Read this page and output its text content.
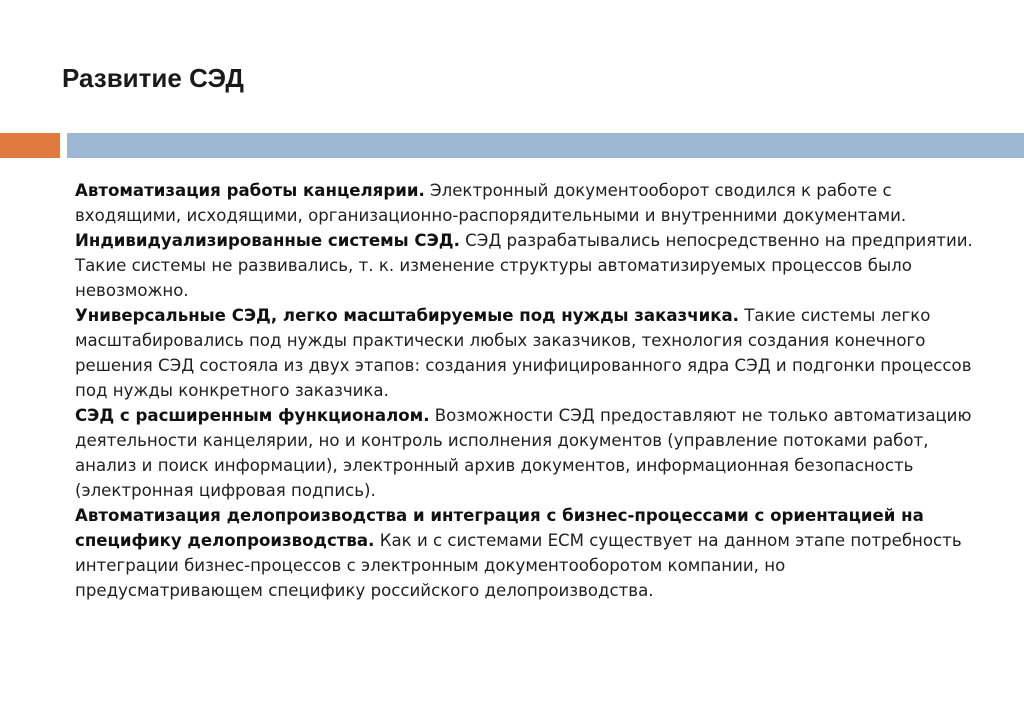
Развитие СЭД

Автоматизация работы канцелярии. Электронный документооборот сводился к работе с входящими, исходящими, организационно-распорядительными и внутренними документами.

Индивидуализированные системы СЭД. СЭД разрабатывались непосредственно на предприятии. Такие системы не развивались, т. к. изменение структуры автоматизируемых процессов было невозможно.

Универсальные СЭД, легко масштабируемые под нужды заказчика. Такие системы легко масштабировались под нужды практически любых заказчиков, технология создания конечного решения СЭД состояла из двух этапов: создания унифицированного ядра СЭД и подгонки процессов под нужды конкретного заказчика.

СЭД с расширенным функционалом. Возможности СЭД предоставляют не только автоматизацию деятельности канцелярии, но и контроль исполнения документов (управление потоками работ, анализ и поиск информации), электронный архив документов, информационная безопасность (электронная цифровая подпись).

Автоматизация делопроизводства и интеграция с бизнес-процессами с ориентацией на специфику делопроизводства. Как и с системами ECM существует на данном этапе потребность интеграции бизнес-процессов с электронным документооборотом компании, но предусматривающем специфику российского делопроизводства.
